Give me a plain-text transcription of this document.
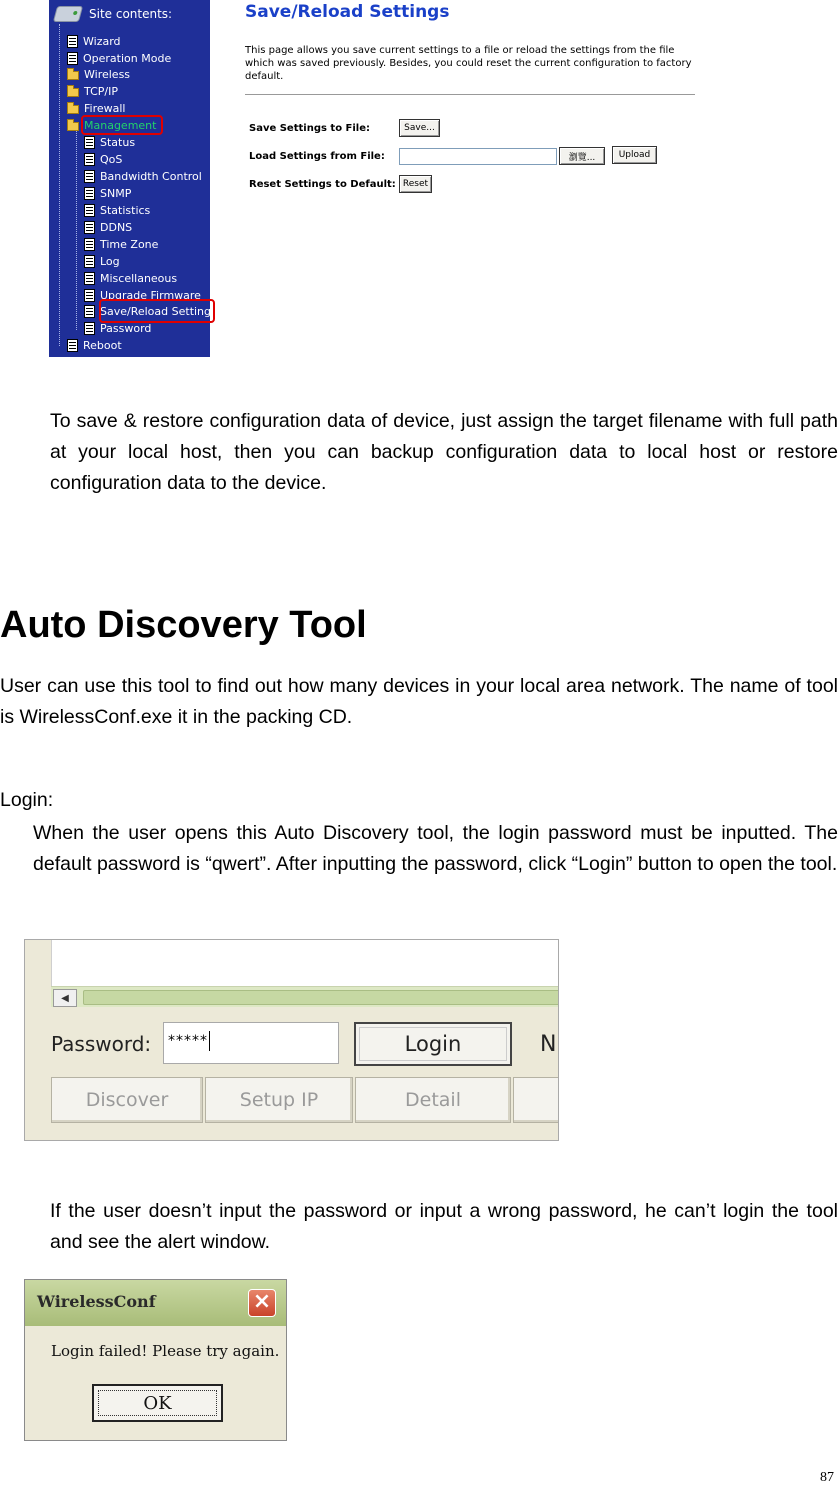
Site contents:
Wizard
Operation Mode
Wireless
TCP/IP
Firewall
Management
Status
QoS
Bandwidth Control
SNMP
Statistics
DDNS
Time Zone
Log
Miscellaneous
Upgrade Firmware
Save/Reload Setting
Password
Reboot
Save/Reload Settings
This page allows you save current settings to a file or reload the settings from the file which was saved previously. Besides, you could reset the current configuration to factory default.
Save Settings to File:	Save...
Load Settings from File:	瀏覽...	Upload
Reset Settings to Default: Reset
To save & restore configuration data of device, just assign the target filename with full path at your local host, then you can backup configuration data to local host or restore configuration data to the device.
Auto Discovery Tool
User can use this tool to find out how many devices in your local area network. The name of tool is WirelessConf.exe it in the packing CD.
Login:
When the user opens this Auto Discovery tool, the login password must be inputted. The default password is “qwert”. After inputting the password, click “Login” button to open the tool.
◀
Password:	*****	Login	N
Discover	Setup IP	Detail
If the user doesn’t input the password or input a wrong password, he can’t login the tool and see the alert window.
WirelessConf	×
Login failed! Please try again.
OK
87
